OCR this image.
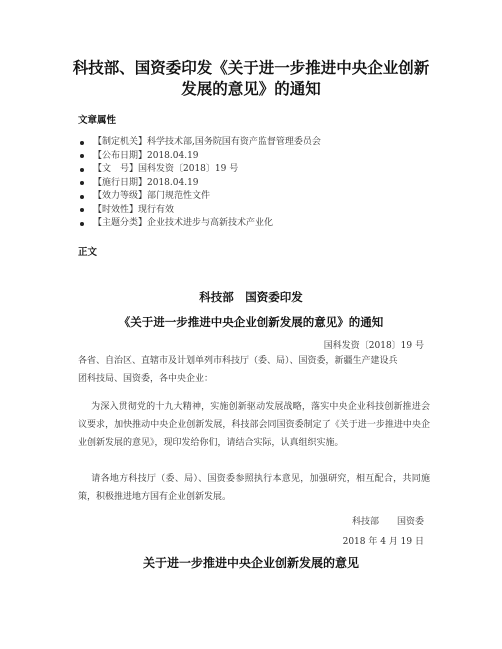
科技部、国资委印发《关于进一步推进中央企业创新
发展的意见》的通知
文章属性
【制定机关】科学技术部,国务院国有资产监督管理委员会
【公布日期】2018.04.19
【文　号】国科发资〔2018〕19 号
【施行日期】2018.04.19
【效力等级】部门规范性文件
【时效性】现行有效
【主题分类】企业技术进步与高新技术产业化
正文
科技部　国资委印发
《关于进一步推进中央企业创新发展的意见》的通知
国科发资〔2018〕19 号
各省、自治区、直辖市及计划单列市科技厅（委、局）、国资委，新疆生产建设兵
团科技局、国资委，各中央企业：
为深入贯彻党的十九大精神，实施创新驱动发展战略，落实中央企业科技创新推进会议要求，加快推动中央企业创新发展，科技部会同国资委制定了《关于进一步推进中央企业创新发展的意见》，现印发给你们，请结合实际，认真组织实施。
请各地方科技厅（委、局）、国资委参照执行本意见，加强研究，相互配合，共同施策，积极推进地方国有企业创新发展。
科技部　　国资委
2018 年 4 月 19 日
关于进一步推进中央企业创新发展的意见
